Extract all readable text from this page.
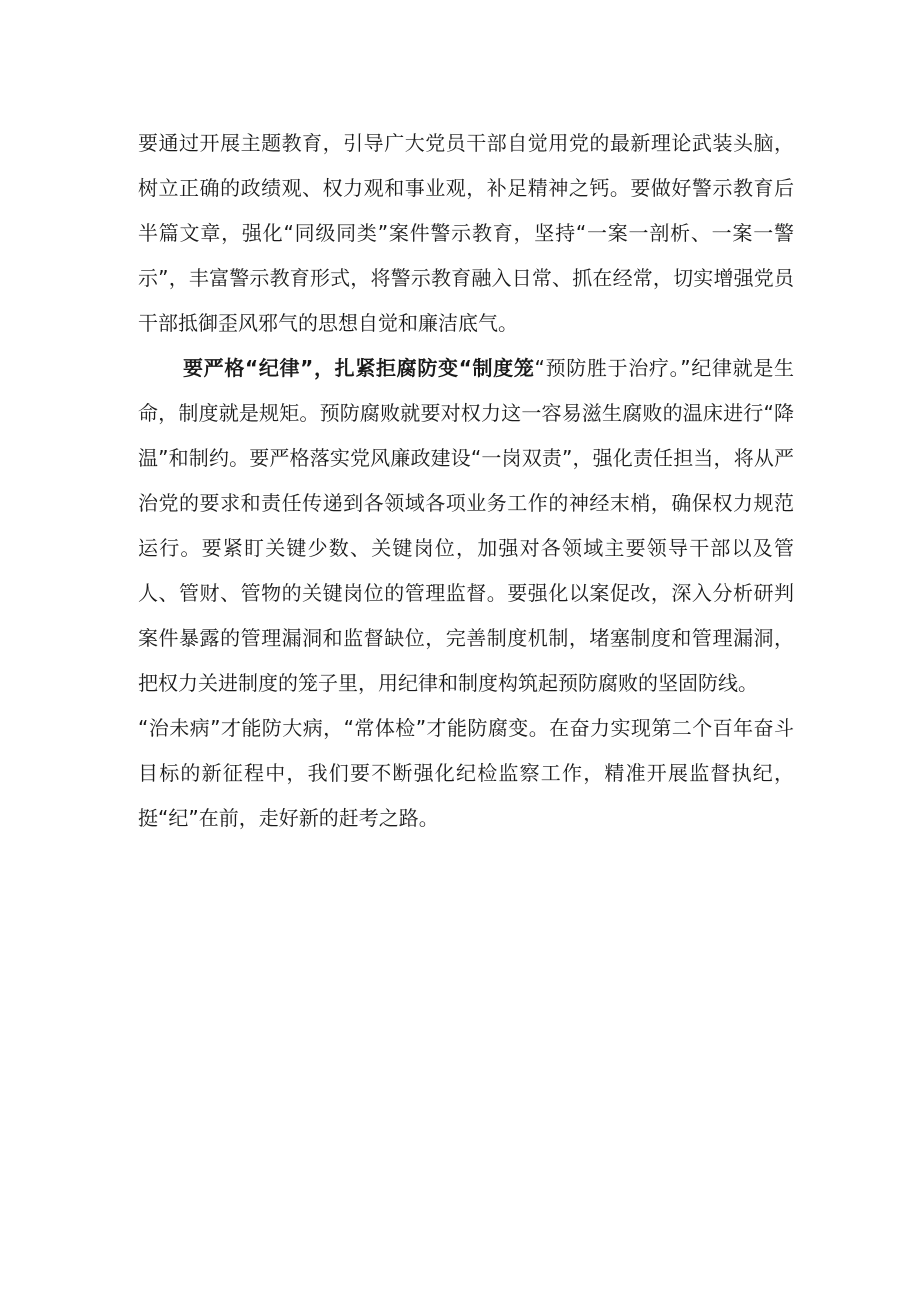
要通过开展主题教育，引导广大党员干部自觉用党的最新理论武装头脑，树立正确的政绩观、权力观和事业观，补足精神之钙。要做好警示教育后半篇文章，强化“同级同类”案件警示教育，坚持“一案一剖析、一案一警示”，丰富警示教育形式，将警示教育融入日常、抓在经常，切实增强党员干部抵御歪风邪气的思想自觉和廉洁底气。

要严格“纪律”，扎紧拒腐防变“制度笼“预防胜于治疗。”纪律就是生命，制度就是规矩。预防腐败就要对权力这一容易滋生腐败的温床进行“降温”和制约。要严格落实党风廉政建设“一岗双责”，强化责任担当，将从严治党的要求和责任传递到各领域各项业务工作的神经末梢，确保权力规范运行。要紧盯关键少数、关键岗位，加强对各领域主要领导干部以及管人、管财、管物的关键岗位的管理监督。要强化以案促改，深入分析研判案件暴露的管理漏洞和监督缺位，完善制度机制，堵塞制度和管理漏洞，把权力关进制度的笼子里，用纪律和制度构筑起预防腐败的坚固防线。

“治未病”才能防大病，“常体检”才能防腐变。在奋力实现第二个百年奋斗目标的新征程中，我们要不断强化纪检监察工作，精准开展监督执纪，挺“纪”在前，走好新的赶考之路。
